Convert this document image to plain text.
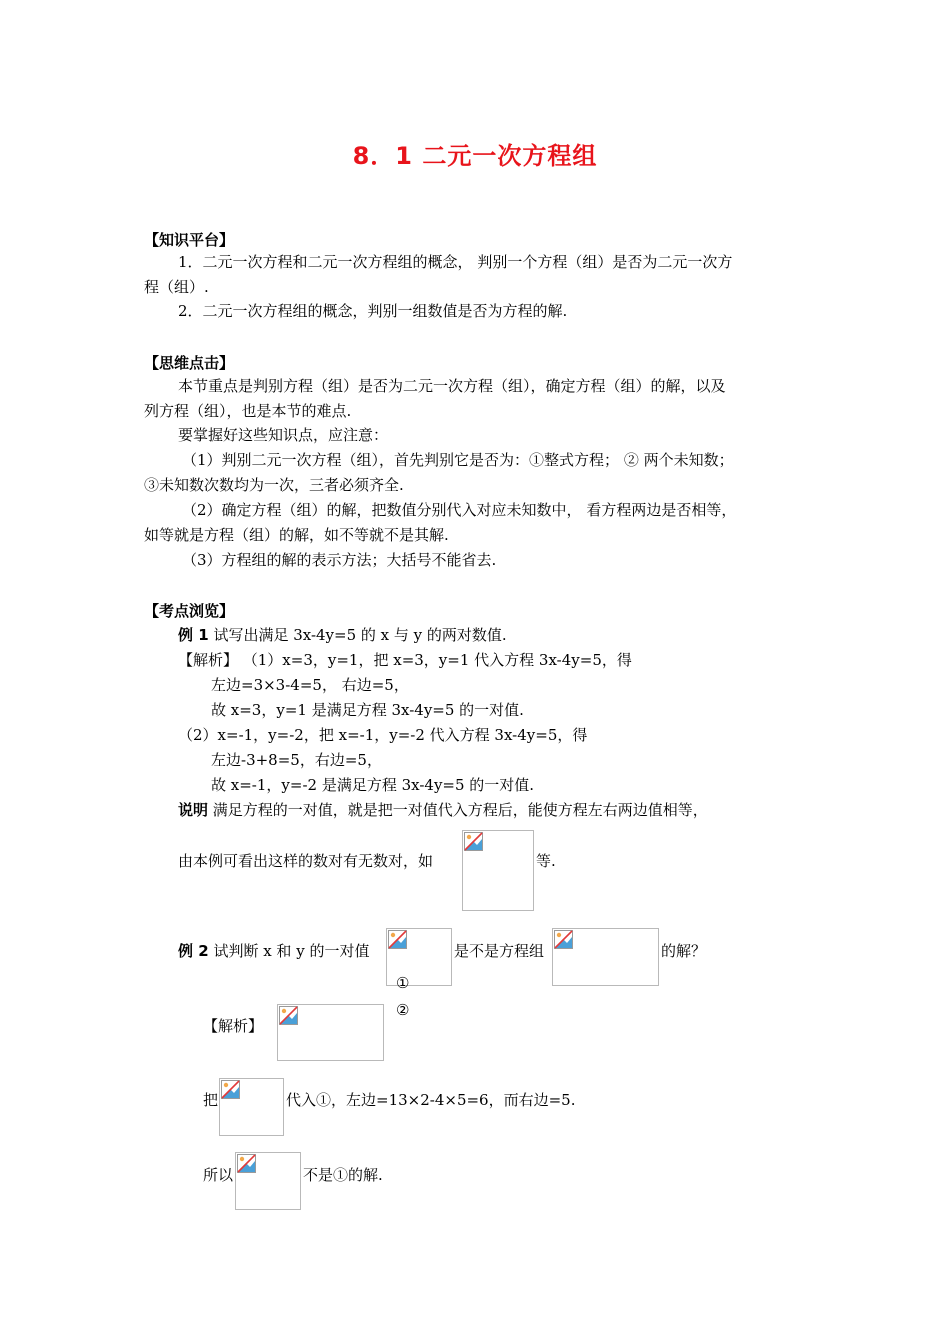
8．1 二元一次方程组
【知识平台】
1．二元一次方程和二元一次方程组的概念， 判别一个方程（组）是否为二元一次方
程（组）.
2．二元一次方程组的概念，判别一组数值是否为方程的解.
【思维点击】
本节重点是判别方程（组）是否为二元一次方程（组），确定方程（组）的解，以及
列方程（组），也是本节的难点.
要掌握好这些知识点，应注意：
（1）判别二元一次方程（组），首先判别它是否为：①整式方程； ② 两个未知数；
③未知数次数均为一次，三者必须齐全.
（2）确定方程（组）的解，把数值分别代入对应未知数中， 看方程两边是否相等，
如等就是方程（组）的解，如不等就不是其解.
（3）方程组的解的表示方法；大括号不能省去.
【考点浏览】
例 1 试写出满足 3x-4y=5 的 x 与 y 的两对数值.
【解析】 （1）x=3，y=1，把 x=3，y=1 代入方程 3x-4y=5，得
左边=3×3-4=5， 右边=5，
故 x=3，y=1 是满足方程 3x-4y=5 的一对值.
（2）x=-1，y=-2，把 x=-1，y=-2 代入方程 3x-4y=5，得
左边-3+8=5，右边=5，
故 x=-1，y=-2 是满足方程 3x-4y=5 的一对值.
说明 满足方程的一对值，就是把一对值代入方程后，能使方程左右两边值相等，
由本例可看出这样的数对有无数对，如	等.
例 2 试判断 x 和 y 的一对值	是不是方程组	的解？
①
②
【解析】
把	代入①，左边=13×2-4×5=6，而右边=5.
所以	不是①的解.
